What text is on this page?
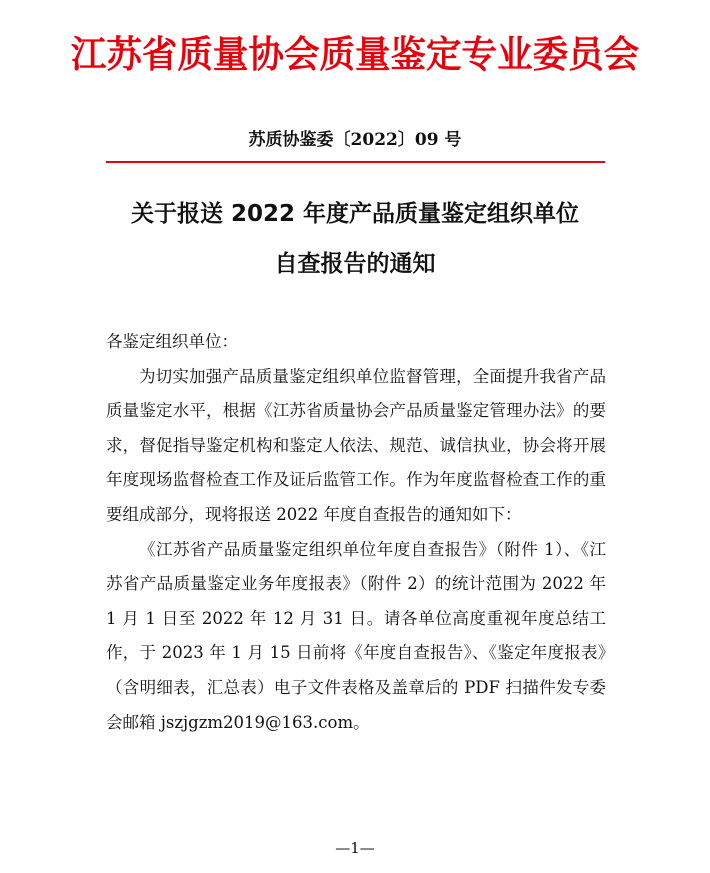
江苏省质量协会质量鉴定专业委员会
苏质协鉴委〔2022〕09 号
关于报送 2022 年度产品质量鉴定组织单位
自查报告的通知

各鉴定组织单位：

为切实加强产品质量鉴定组织单位监督管理，全面提升我省产品质量鉴定水平，根据《江苏省质量协会产品质量鉴定管理办法》的要求，督促指导鉴定机构和鉴定人依法、规范、诚信执业，协会将开展年度现场监督检查工作及证后监管工作。作为年度监督检查工作的重要组成部分，现将报送 2022 年度自查报告的通知如下：

《江苏省产品质量鉴定组织单位年度自查报告》（附件 1）、《江苏省产品质量鉴定业务年度报表》（附件 2）的统计范围为 2022 年 1 月 1 日至 2022 年 12 月 31 日。请各单位高度重视年度总结工作，于 2023 年 1 月 15 日前将《年度自查报告》、《鉴定年度报表》（含明细表，汇总表）电子文件表格及盖章后的 PDF 扫描件发专委会邮箱 jszjgzm2019@163.com。

—1—
